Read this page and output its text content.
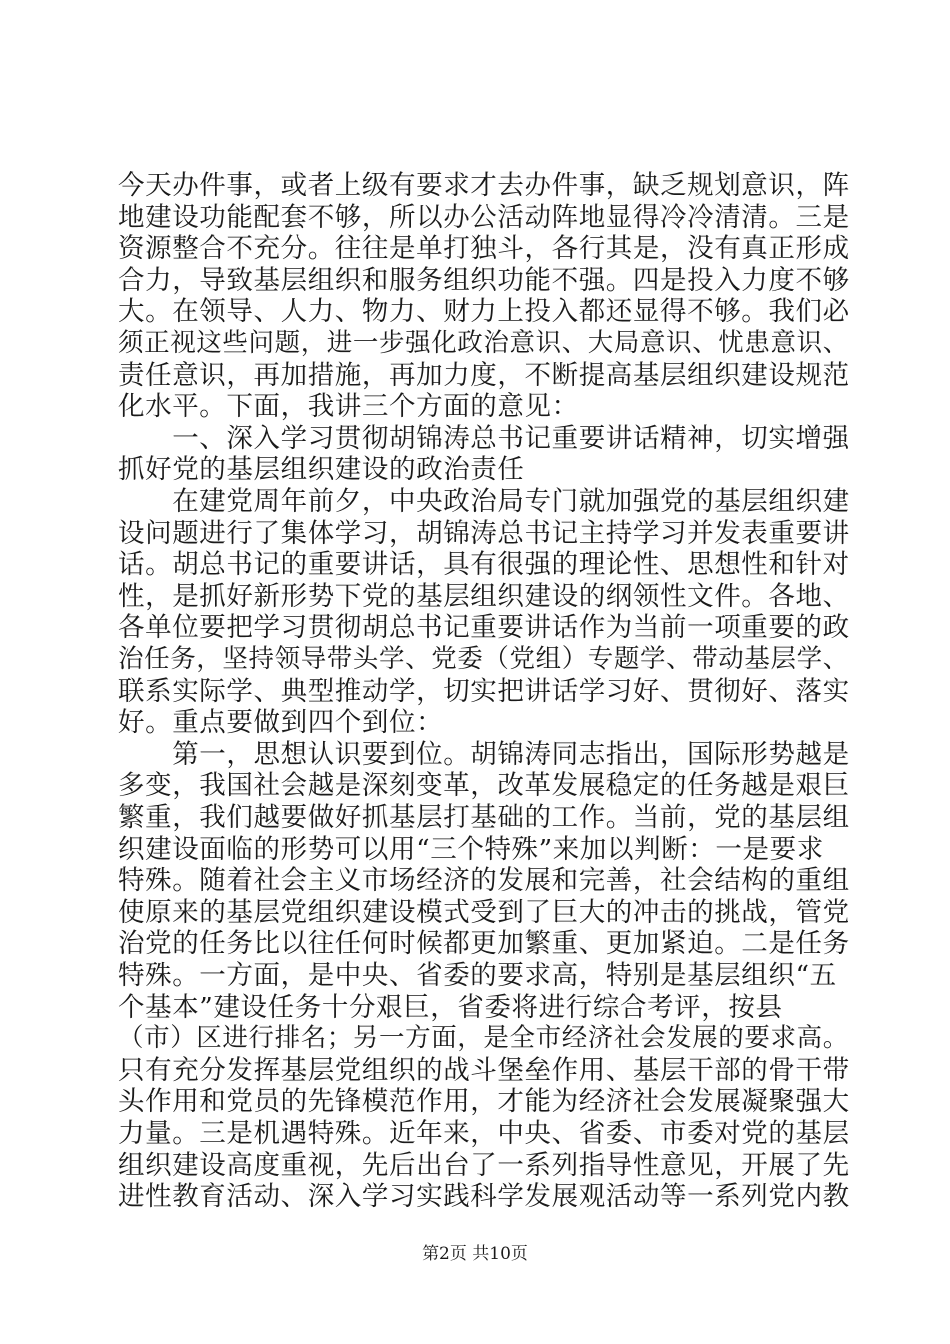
今天办件事，或者上级有要求才去办件事，缺乏规划意识，阵
地建设功能配套不够，所以办公活动阵地显得冷冷清清。三是
资源整合不充分。往往是单打独斗，各行其是，没有真正形成
合力，导致基层组织和服务组织功能不强。四是投入力度不够
大。在领导、人力、物力、财力上投入都还显得不够。我们必
须正视这些问题，进一步强化政治意识、大局意识、忧患意识、
责任意识，再加措施，再加力度，不断提高基层组织建设规范
化水平。下面，我讲三个方面的意见：
　　一、深入学习贯彻胡锦涛总书记重要讲话精神，切实增强
抓好党的基层组织建设的政治责任
　　在建党周年前夕，中央政治局专门就加强党的基层组织建
设问题进行了集体学习，胡锦涛总书记主持学习并发表重要讲
话。胡总书记的重要讲话，具有很强的理论性、思想性和针对
性，是抓好新形势下党的基层组织建设的纲领性文件。各地、
各单位要把学习贯彻胡总书记重要讲话作为当前一项重要的政
治任务，坚持领导带头学、党委（党组）专题学、带动基层学、
联系实际学、典型推动学，切实把讲话学习好、贯彻好、落实
好。重点要做到四个到位：
　　第一，思想认识要到位。胡锦涛同志指出，国际形势越是
多变，我国社会越是深刻变革，改革发展稳定的任务越是艰巨
繁重，我们越要做好抓基层打基础的工作。当前，党的基层组
织建设面临的形势可以用“三个特殊”来加以判断：一是要求
特殊。随着社会主义市场经济的发展和完善，社会结构的重组
使原来的基层党组织建设模式受到了巨大的冲击的挑战，管党
治党的任务比以往任何时候都更加繁重、更加紧迫。二是任务
特殊。一方面，是中央、省委的要求高，特别是基层组织“五
个基本”建设任务十分艰巨，省委将进行综合考评，按县
（市）区进行排名；另一方面，是全市经济社会发展的要求高。
只有充分发挥基层党组织的战斗堡垒作用、基层干部的骨干带
头作用和党员的先锋模范作用，才能为经济社会发展凝聚强大
力量。三是机遇特殊。近年来，中央、省委、市委对党的基层
组织建设高度重视，先后出台了一系列指导性意见，开展了先
进性教育活动、深入学习实践科学发展观活动等一系列党内教
第2页 共10页
